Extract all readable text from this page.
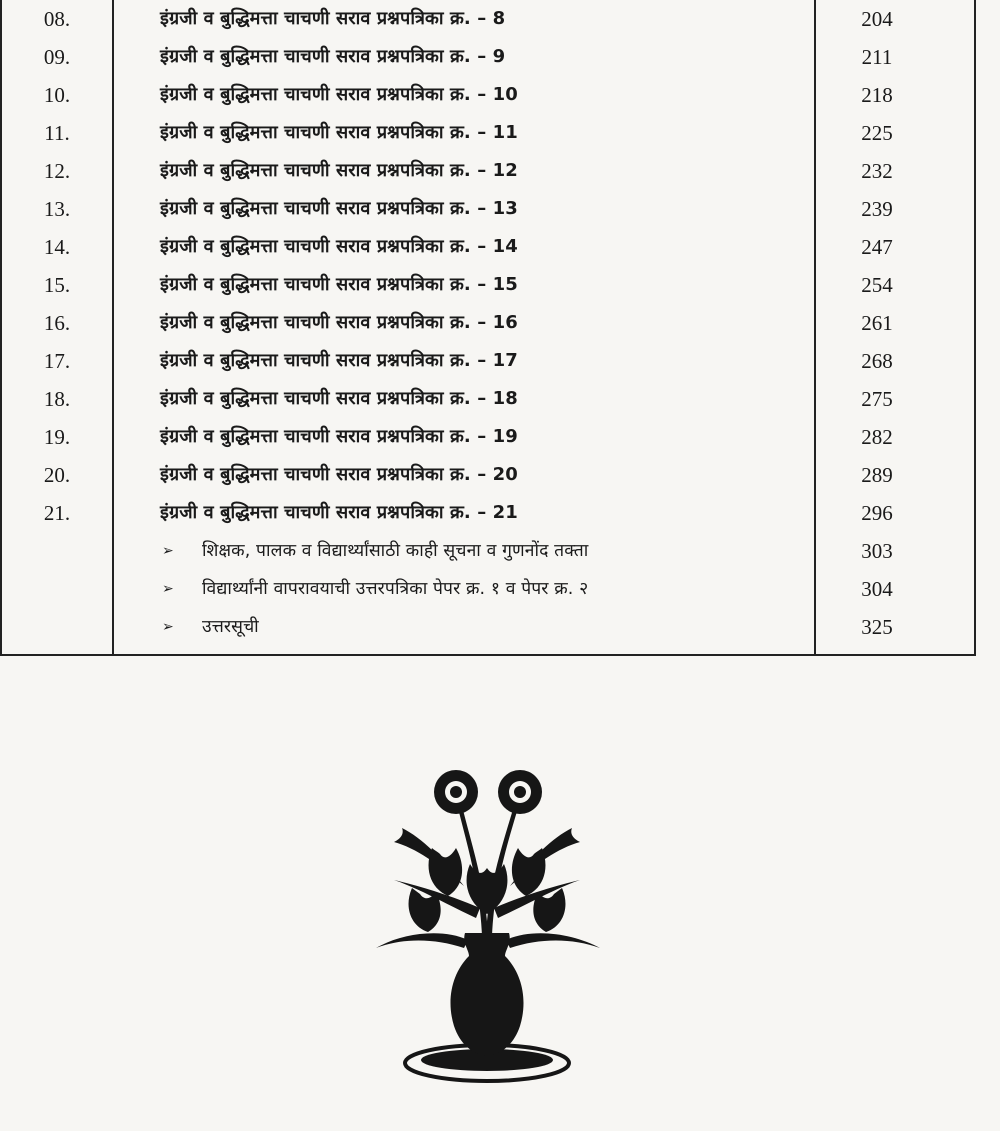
08.	इंग्रजी व बुद्धिमत्ता चाचणी सराव प्रश्नपत्रिका क्र. – 8	204
09.	इंग्रजी व बुद्धिमत्ता चाचणी सराव प्रश्नपत्रिका क्र. – 9	211
10.	इंग्रजी व बुद्धिमत्ता चाचणी सराव प्रश्नपत्रिका क्र. – 10	218
11.	इंग्रजी व बुद्धिमत्ता चाचणी सराव प्रश्नपत्रिका क्र. – 11	225
12.	इंग्रजी व बुद्धिमत्ता चाचणी सराव प्रश्नपत्रिका क्र. – 12	232
13.	इंग्रजी व बुद्धिमत्ता चाचणी सराव प्रश्नपत्रिका क्र. – 13	239
14.	इंग्रजी व बुद्धिमत्ता चाचणी सराव प्रश्नपत्रिका क्र. – 14	247
15.	इंग्रजी व बुद्धिमत्ता चाचणी सराव प्रश्नपत्रिका क्र. – 15	254
16.	इंग्रजी व बुद्धिमत्ता चाचणी सराव प्रश्नपत्रिका क्र. – 16	261
17.	इंग्रजी व बुद्धिमत्ता चाचणी सराव प्रश्नपत्रिका क्र. – 17	268
18.	इंग्रजी व बुद्धिमत्ता चाचणी सराव प्रश्नपत्रिका क्र. – 18	275
19.	इंग्रजी व बुद्धिमत्ता चाचणी सराव प्रश्नपत्रिका क्र. – 19	282
20.	इंग्रजी व बुद्धिमत्ता चाचणी सराव प्रश्नपत्रिका क्र. – 20	289
21.	इंग्रजी व बुद्धिमत्ता चाचणी सराव प्रश्नपत्रिका क्र. – 21	296
➢ शिक्षक, पालक व विद्यार्थ्यांसाठी काही सूचना व गुणनोंद तक्ता	303
➢ विद्यार्थ्यांनी वापरावयाची उत्तरपत्रिका पेपर क्र. १ व पेपर क्र. २	304
➢ उत्तरसूची	325
